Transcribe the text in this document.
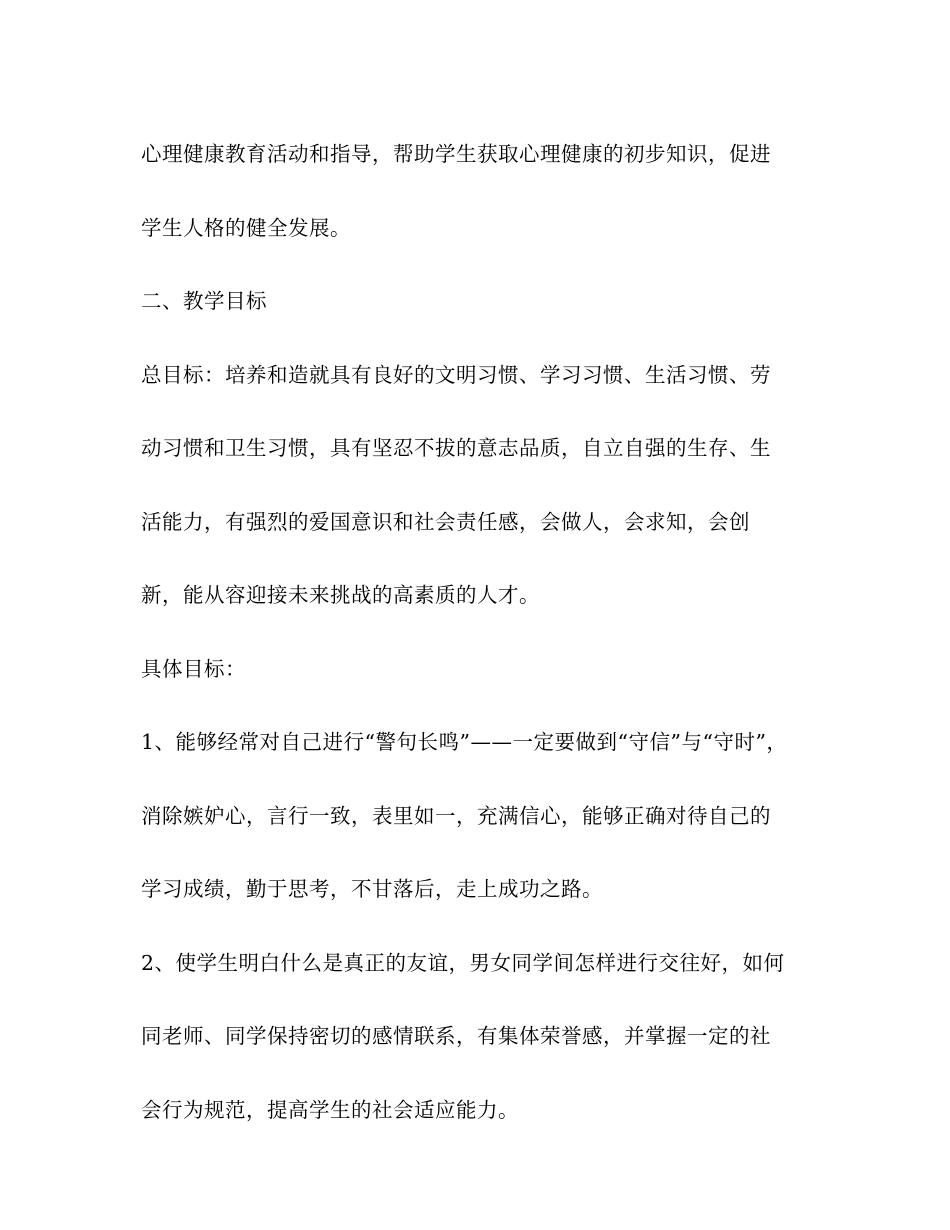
心理健康教育活动和指导，帮助学生获取心理健康的初步知识，促进
学生人格的健全发展。
二、教学目标
总目标：培养和造就具有良好的文明习惯、学习习惯、生活习惯、劳
动习惯和卫生习惯，具有坚忍不拔的意志品质，自立自强的生存、生
活能力，有强烈的爱国意识和社会责任感，会做人，会求知，会创
新，能从容迎接未来挑战的高素质的人才。
具体目标：
1、能够经常对自己进行“警句长鸣”——一定要做到“守信”与“守时”，
消除嫉妒心，言行一致，表里如一，充满信心，能够正确对待自己的
学习成绩，勤于思考，不甘落后，走上成功之路。
2、使学生明白什么是真正的友谊，男女同学间怎样进行交往好，如何
同老师、同学保持密切的感情联系，有集体荣誉感，并掌握一定的社
会行为规范，提高学生的社会适应能力。
